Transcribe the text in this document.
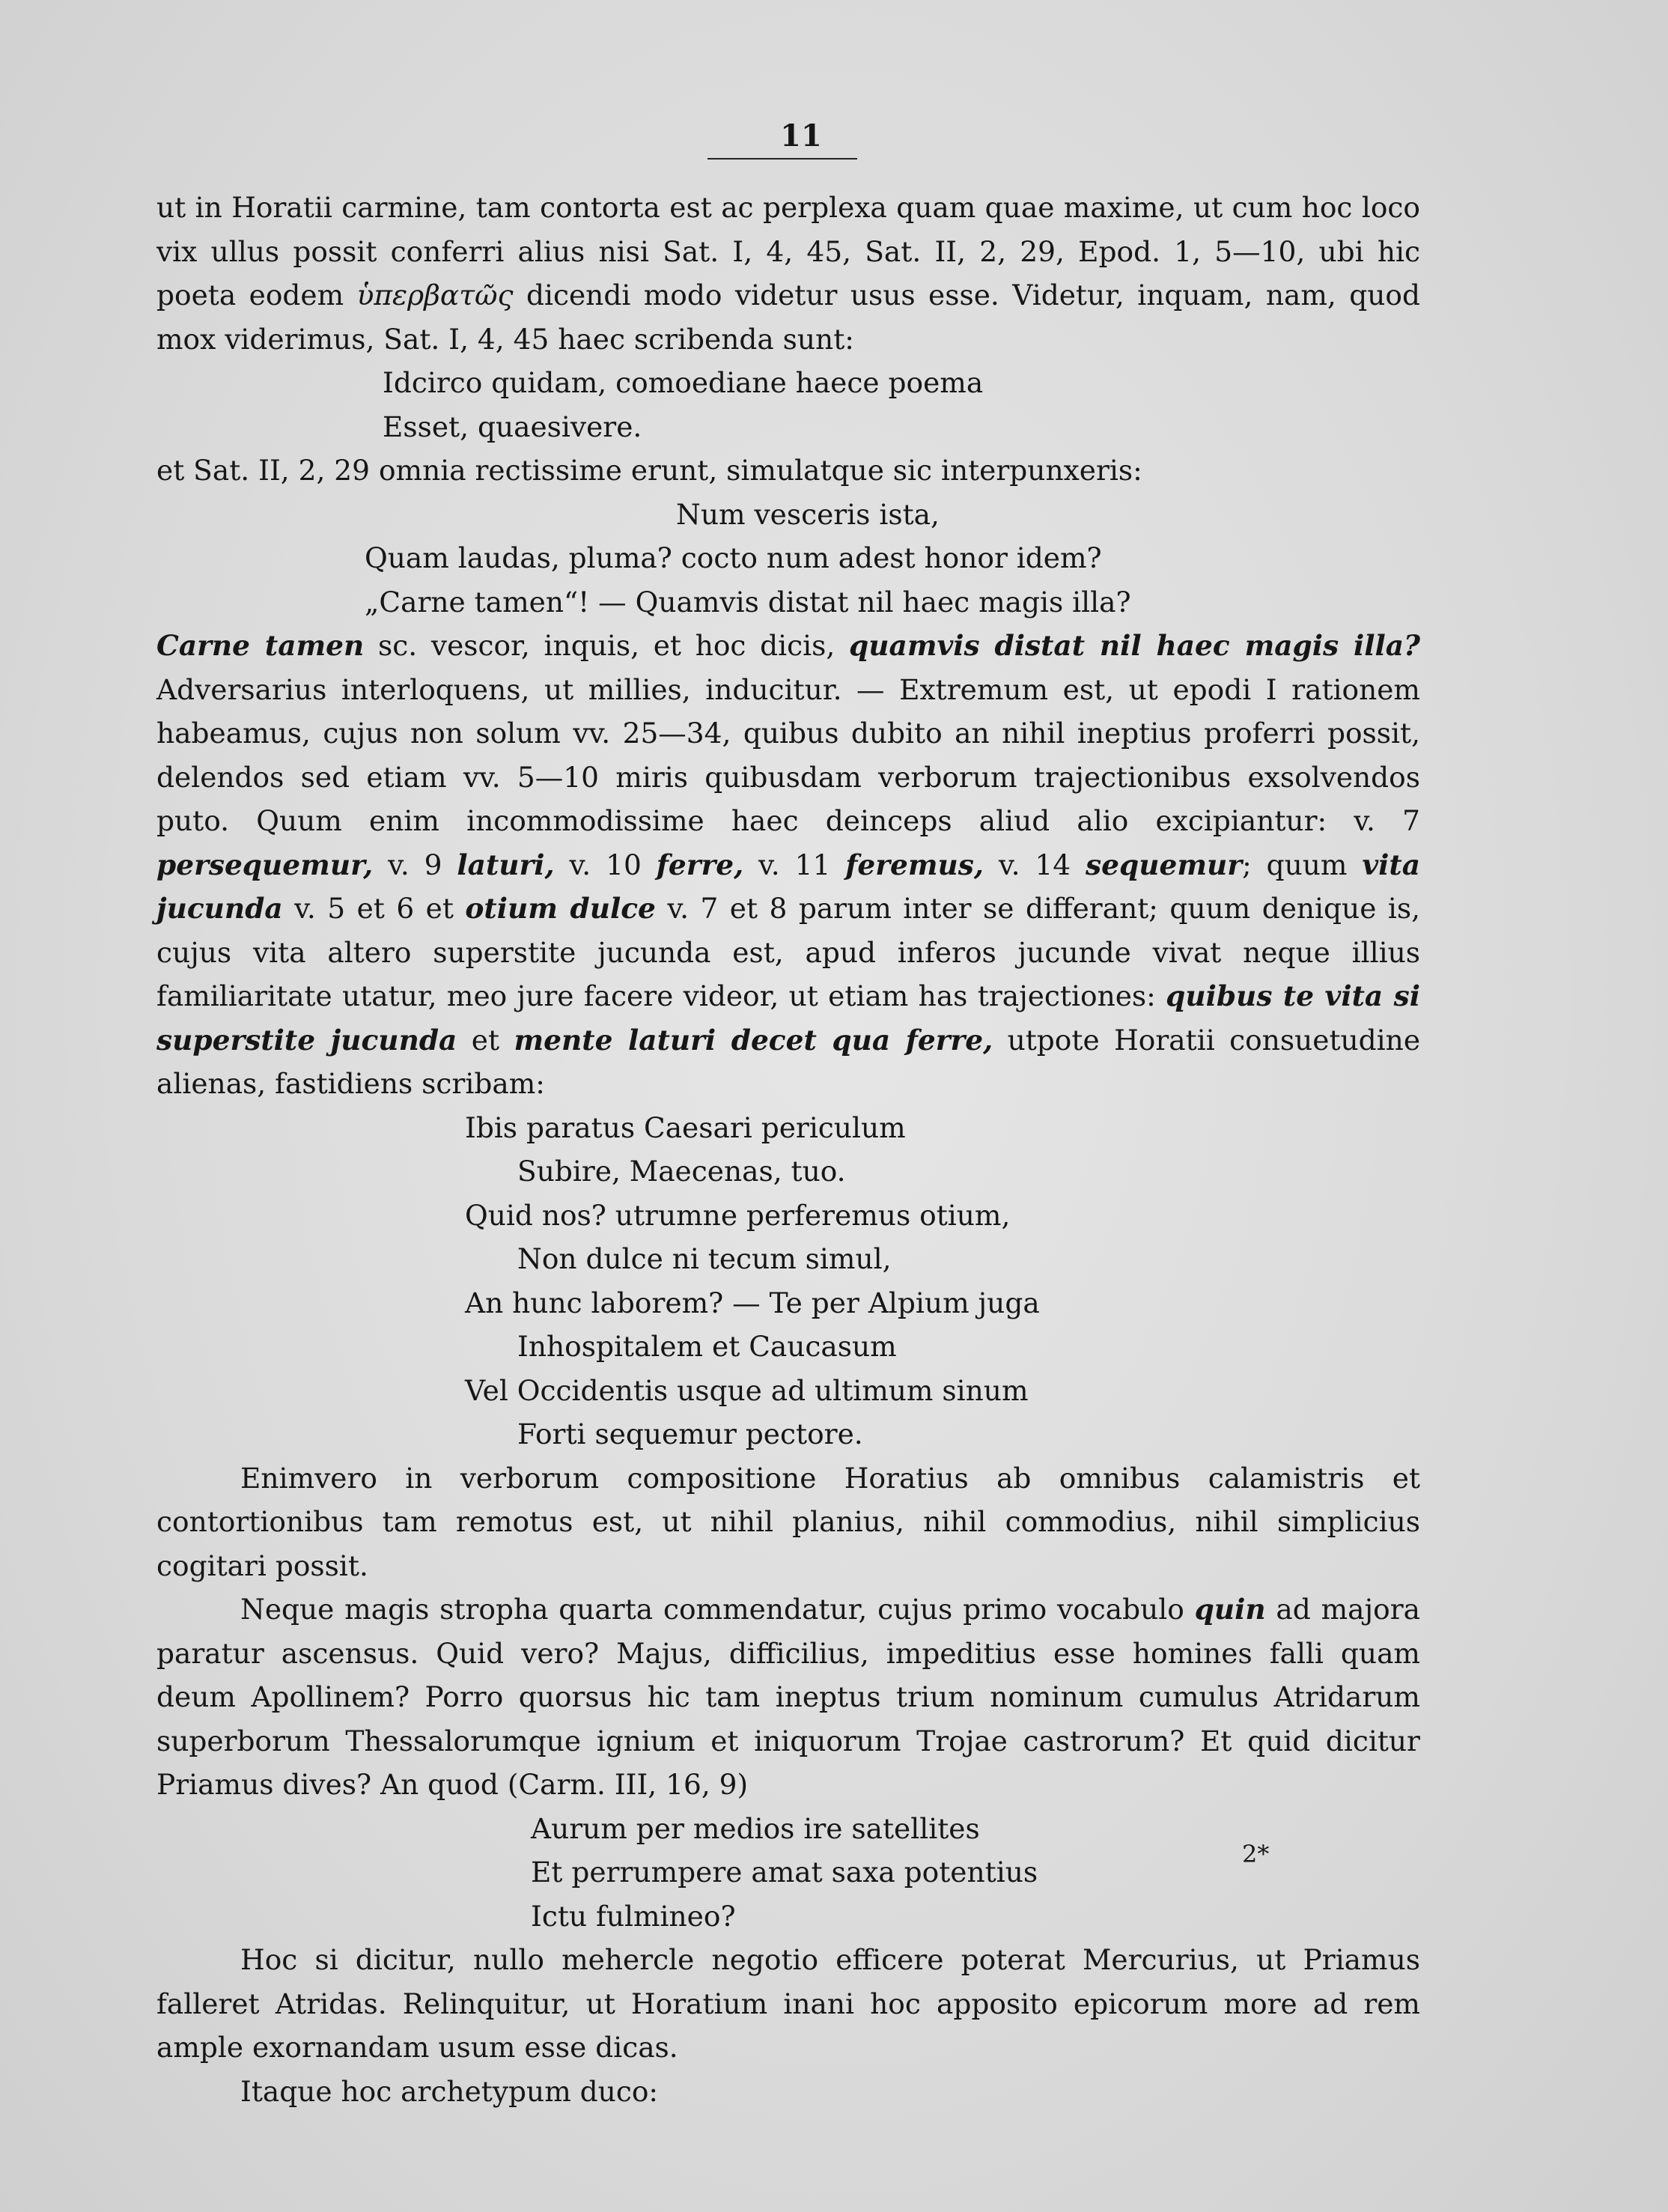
11

ut in Horatii carmine, tam contorta est ac perplexa quam quae maxime, ut cum hoc loco vix ullus possit conferri alius nisi Sat. I, 4, 45, Sat. II, 2, 29, Epod. 1, 5—10, ubi hic poeta eodem ὑπερβατῶς dicendi modo videtur usus esse. Videtur, inquam, nam, quod mox viderimus, Sat. I, 4, 45 haec scribenda sunt:

Idcirco quidam, comoediane haece poema
Esset, quaesivere.

et Sat. II, 2, 29 omnia rectissime erunt, simulatque sic interpunxeris:

Num vesceris ista,
Quam laudas, pluma? cocto num adest honor idem?
„Carne tamen“! — Quamvis distat nil haec magis illa?

Carne tamen sc. vescor, inquis, et hoc dicis, quamvis distat nil haec magis illa? Adversarius interloquens, ut millies, inducitur. — Extremum est, ut epodi I rationem habeamus, cujus non solum vv. 25—34, quibus dubito an nihil ineptius proferri possit, delendos sed etiam vv. 5—10 miris quibusdam verborum trajectionibus exsolvendos puto. Quum enim incommodissime haec deinceps aliud alio excipiantur: v. 7 persequemur, v. 9 laturi, v. 10 ferre, v. 11 feremus, v. 14 sequemur; quum vita jucunda v. 5 et 6 et otium dulce v. 7 et 8 parum inter se differant; quum denique is, cujus vita altero superstite jucunda est, apud inferos jucunde vivat neque illius familiaritate utatur, meo jure facere videor, ut etiam has trajectiones: quibus te vita si superstite jucunda et mente laturi decet qua ferre, utpote Horatii consuetudine alienas, fastidiens scribam:

Ibis paratus Caesari periculum
Subire, Maecenas, tuo.
Quid nos? utrumne perferemus otium,
Non dulce ni tecum simul,
An hunc laborem? — Te per Alpium juga
Inhospitalem et Caucasum
Vel Occidentis usque ad ultimum sinum
Forti sequemur pectore.

Enimvero in verborum compositione Horatius ab omnibus calamistris et contortionibus tam remotus est, ut nihil planius, nihil commodius, nihil simplicius cogitari possit.

Neque magis stropha quarta commendatur, cujus primo vocabulo quin ad majora paratur ascensus. Quid vero? Majus, difficilius, impeditius esse homines falli quam deum Apollinem? Porro quorsus hic tam ineptus trium nominum cumulus Atridarum superborum Thessalorumque ignium et iniquorum Trojae castrorum? Et quid dicitur Priamus dives? An quod (Carm. III, 16, 9)

Aurum per medios ire satellites
Et perrumpere amat saxa potentius
Ictu fulmineo?

Hoc si dicitur, nullo mehercle negotio efficere poterat Mercurius, ut Priamus falleret Atridas. Relinquitur, ut Horatium inani hoc apposito epicorum more ad rem ample exornandam usum esse dicas.

Itaque hoc archetypum duco:

2*
